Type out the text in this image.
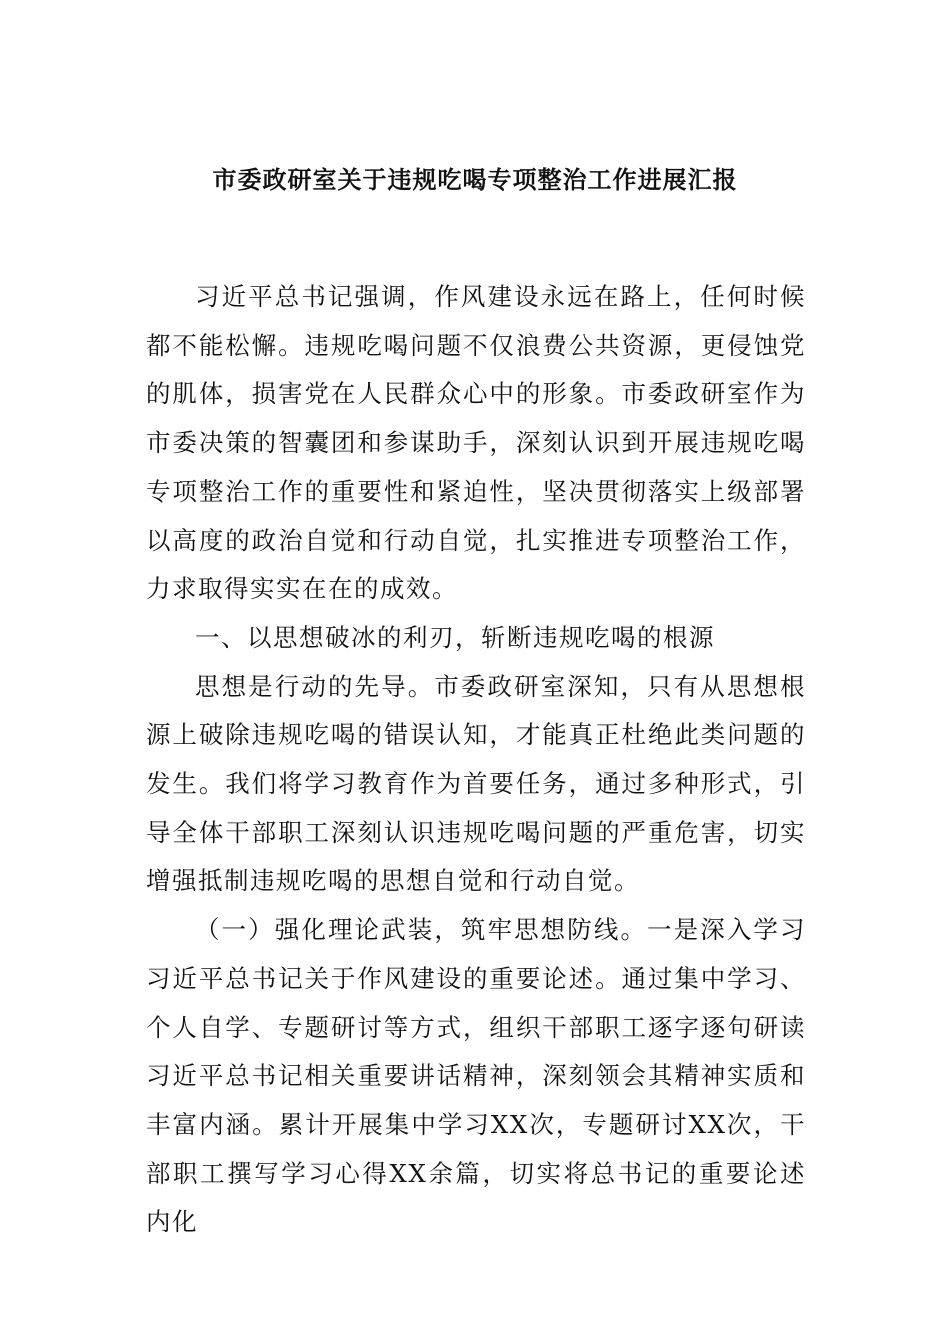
市委政研室关于违规吃喝专项整治工作进展汇报

习近平总书记强调，作风建设永远在路上，任何时候都不能松懈。违规吃喝问题不仅浪费公共资源，更侵蚀党的肌体，损害党在人民群众心中的形象。市委政研室作为市委决策的智囊团和参谋助手，深刻认识到开展违规吃喝专项整治工作的重要性和紧迫性，坚决贯彻落实上级部署以高度的政治自觉和行动自觉，扎实推进专项整治工作，力求取得实实在在的成效。

一、以思想破冰的利刃，斩断违规吃喝的根源

思想是行动的先导。市委政研室深知，只有从思想根源上破除违规吃喝的错误认知，才能真正杜绝此类问题的发生。我们将学习教育作为首要任务，通过多种形式，引导全体干部职工深刻认识违规吃喝问题的严重危害，切实增强抵制违规吃喝的思想自觉和行动自觉。

（一）强化理论武装，筑牢思想防线。一是深入学习习近平总书记关于作风建设的重要论述。通过集中学习、个人自学、专题研讨等方式，组织干部职工逐字逐句研读习近平总书记相关重要讲话精神，深刻领会其精神实质和丰富内涵。累计开展集中学习XX次，专题研讨XX次，干部职工撰写学习心得XX余篇，切实将总书记的重要论述内化
